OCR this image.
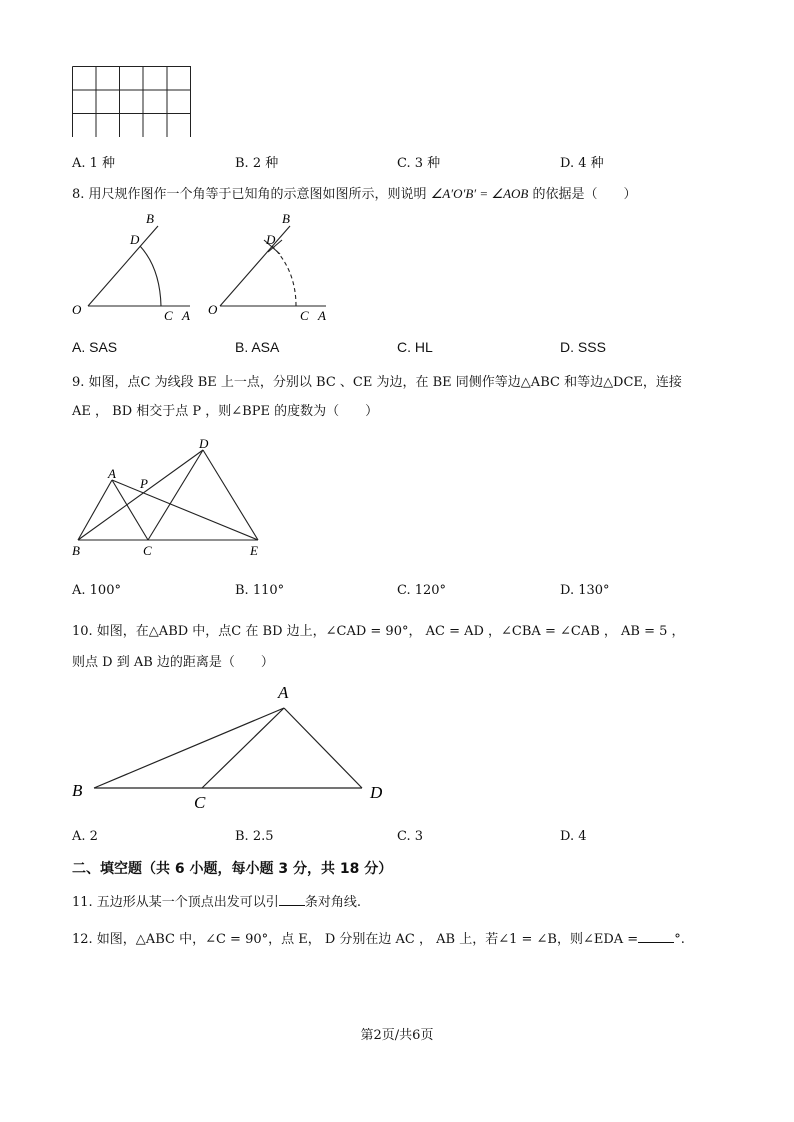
A. 1 种	B. 2 种	C. 3 种	D. 4 种
8. 用尺规作图作一个角等于已知角的示意图如图所示，则说明 ∠A′O′B′ = ∠AOB 的依据是（　　）
B
D
O	C A
B
D
O	C A
A. SAS	B. ASA	C. HL	D. SSS
9. 如图，点C 为线段 BE 上一点，分别以 BC 、CE 为边，在 BE 同侧作等边△ABC 和等边△DCE，连接
AE ， BD 相交于点 P ，则∠BPE 的度数为（　　）
A
D
P
B	C	E
A. 100°	B. 110°	C. 120°	D. 130°
10. 如图，在△ABD 中，点C 在 BD 边上，∠CAD = 90°， AC = AD ，∠CBA = ∠CAB ， AB = 5 ，
则点 D 到 AB 边的距离是（　　）
A
B
C
D
A. 2	B. 2.5	C. 3	D. 4
二、填空题（共 6 小题，每小题 3 分，共 18 分）
11. 五边形从某一个顶点出发可以引 条对角线.
12. 如图，△ABC 中，∠C = 90°，点 E， D 分别在边 AC ， AB 上，若∠1 = ∠B，则∠EDA =	°.
第2页/共6页
